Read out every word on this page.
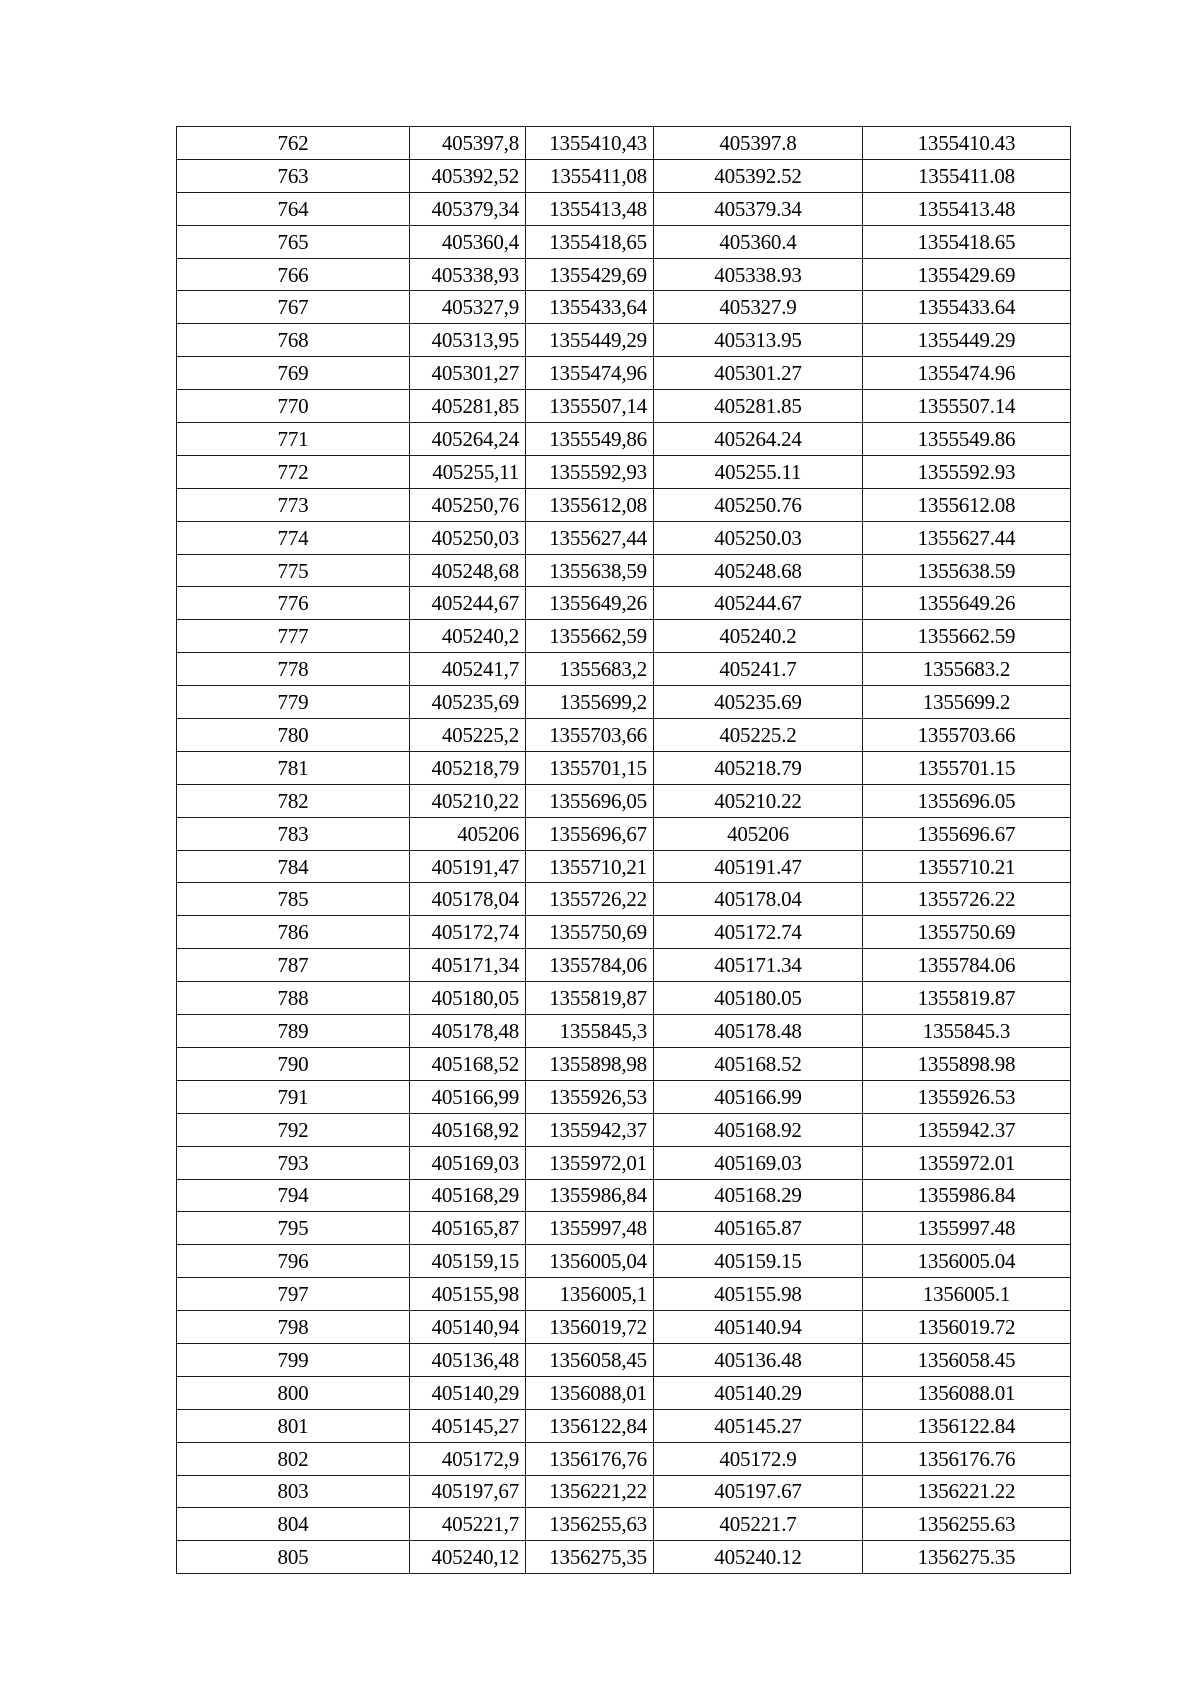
762	405397,8	1355410,43	405397.8	1355410.43
763	405392,52	1355411,08	405392.52	1355411.08
764	405379,34	1355413,48	405379.34	1355413.48
765	405360,4	1355418,65	405360.4	1355418.65
766	405338,93	1355429,69	405338.93	1355429.69
767	405327,9	1355433,64	405327.9	1355433.64
768	405313,95	1355449,29	405313.95	1355449.29
769	405301,27	1355474,96	405301.27	1355474.96
770	405281,85	1355507,14	405281.85	1355507.14
771	405264,24	1355549,86	405264.24	1355549.86
772	405255,11	1355592,93	405255.11	1355592.93
773	405250,76	1355612,08	405250.76	1355612.08
774	405250,03	1355627,44	405250.03	1355627.44
775	405248,68	1355638,59	405248.68	1355638.59
776	405244,67	1355649,26	405244.67	1355649.26
777	405240,2	1355662,59	405240.2	1355662.59
778	405241,7	1355683,2	405241.7	1355683.2
779	405235,69	1355699,2	405235.69	1355699.2
780	405225,2	1355703,66	405225.2	1355703.66
781	405218,79	1355701,15	405218.79	1355701.15
782	405210,22	1355696,05	405210.22	1355696.05
783	405206	1355696,67	405206	1355696.67
784	405191,47	1355710,21	405191.47	1355710.21
785	405178,04	1355726,22	405178.04	1355726.22
786	405172,74	1355750,69	405172.74	1355750.69
787	405171,34	1355784,06	405171.34	1355784.06
788	405180,05	1355819,87	405180.05	1355819.87
789	405178,48	1355845,3	405178.48	1355845.3
790	405168,52	1355898,98	405168.52	1355898.98
791	405166,99	1355926,53	405166.99	1355926.53
792	405168,92	1355942,37	405168.92	1355942.37
793	405169,03	1355972,01	405169.03	1355972.01
794	405168,29	1355986,84	405168.29	1355986.84
795	405165,87	1355997,48	405165.87	1355997.48
796	405159,15	1356005,04	405159.15	1356005.04
797	405155,98	1356005,1	405155.98	1356005.1
798	405140,94	1356019,72	405140.94	1356019.72
799	405136,48	1356058,45	405136.48	1356058.45
800	405140,29	1356088,01	405140.29	1356088.01
801	405145,27	1356122,84	405145.27	1356122.84
802	405172,9	1356176,76	405172.9	1356176.76
803	405197,67	1356221,22	405197.67	1356221.22
804	405221,7	1356255,63	405221.7	1356255.63
805	405240,12	1356275,35	405240.12	1356275.35
